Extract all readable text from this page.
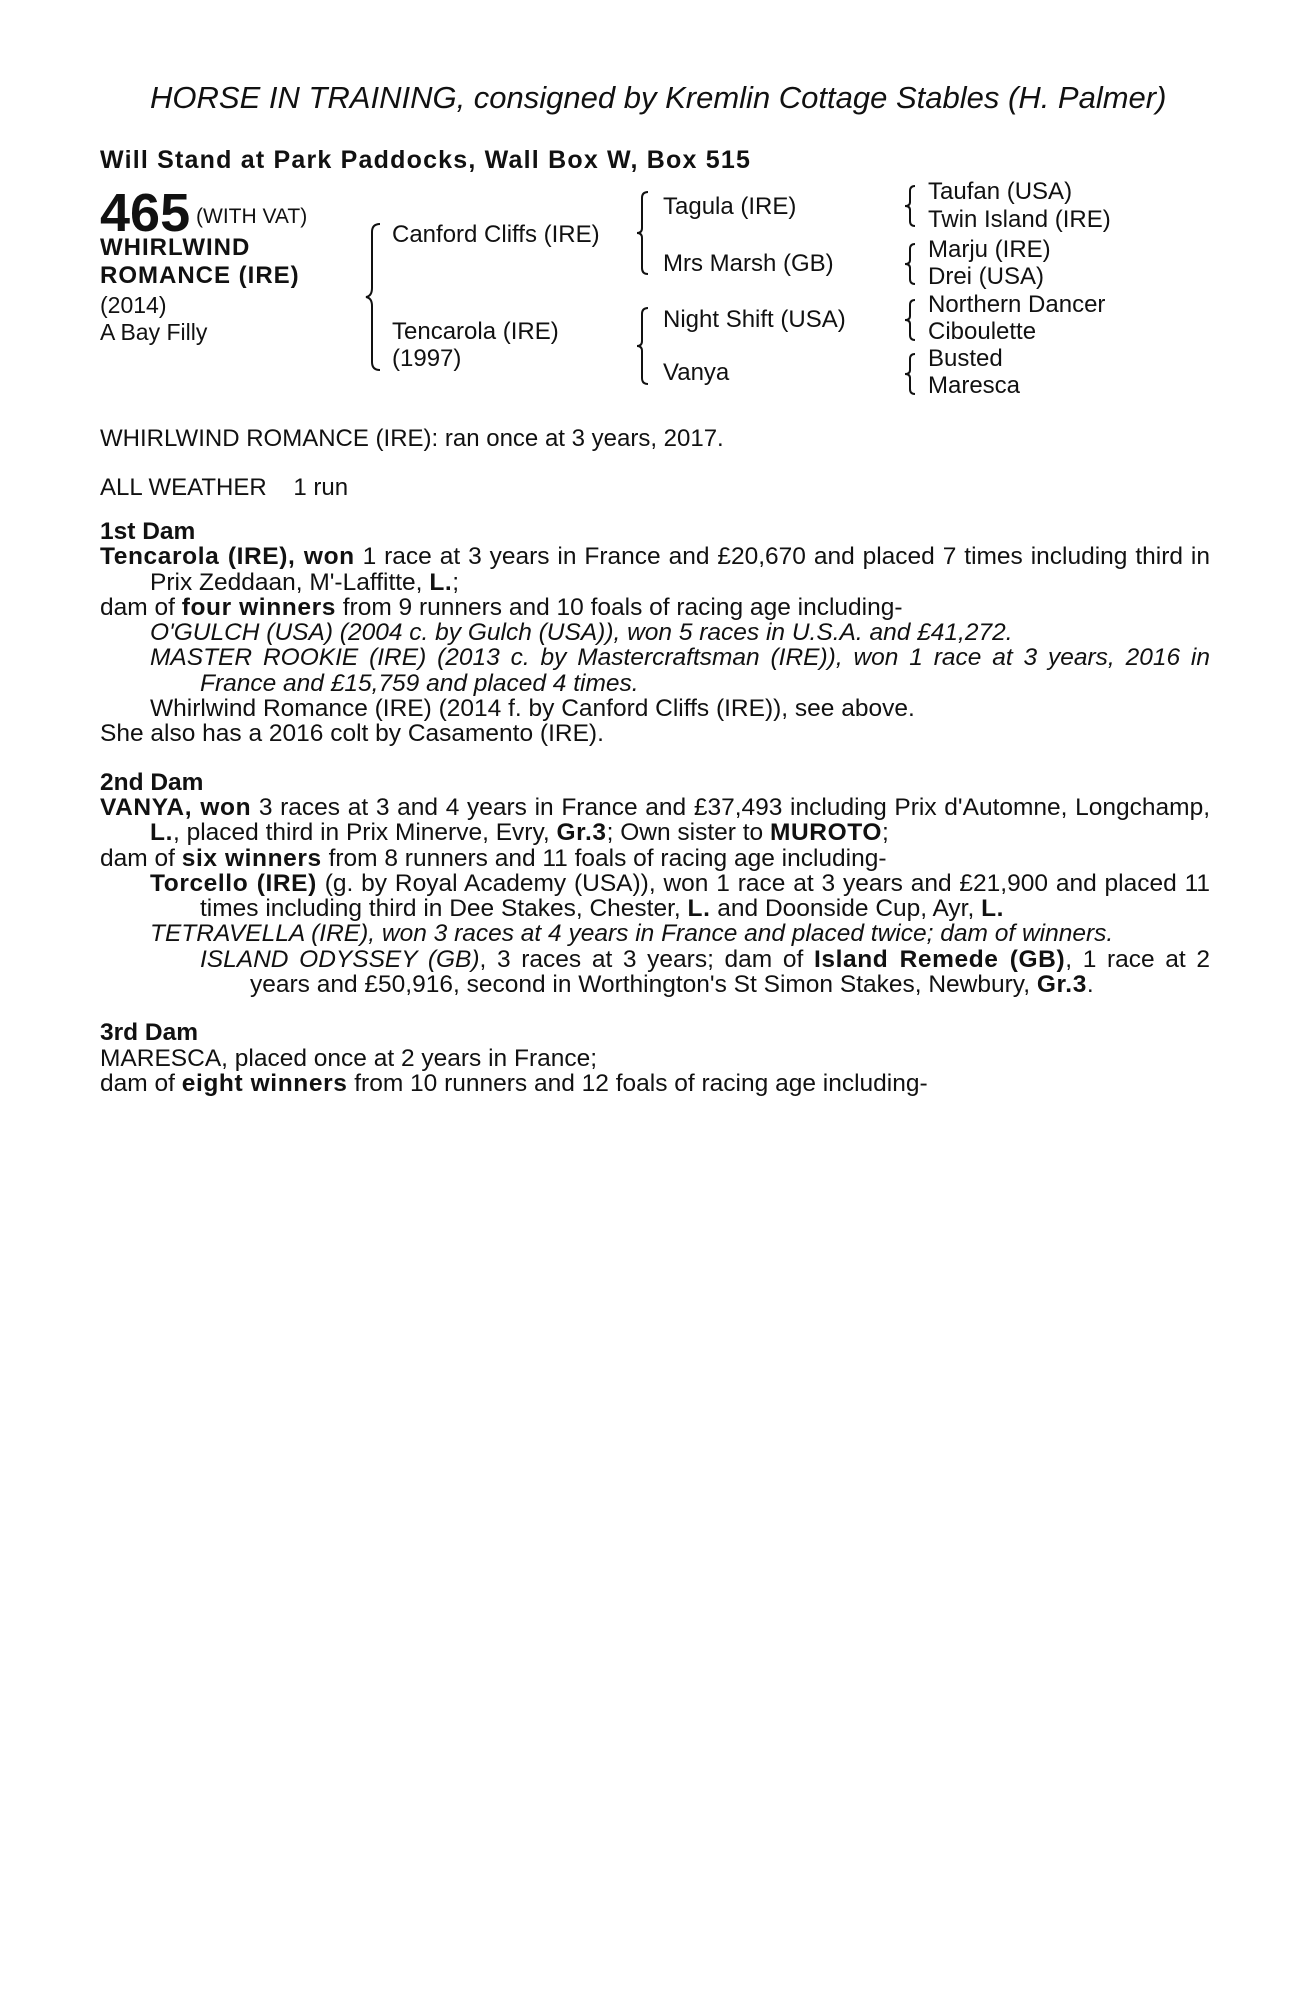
HORSE IN TRAINING, consigned by Kremlin Cottage Stables (H. Palmer)
Will Stand at Park Paddocks, Wall Box W, Box 515
465 (WITH VAT)
WHIRLWIND
ROMANCE (IRE)
(2014)
A Bay Filly
Canford Cliffs (IRE)
Tencarola (IRE)
(1997)
Tagula (IRE)
Mrs Marsh (GB)
Night Shift (USA)
Vanya
Taufan (USA)
Twin Island (IRE)
Marju (IRE)
Drei (USA)
Northern Dancer
Ciboulette
Busted
Maresca
WHIRLWIND ROMANCE (IRE): ran once at 3 years, 2017.
ALL WEATHER 1 run

1st Dam

Tencarola (IRE), won 1 race at 3 years in France and £20,670 and placed 7 times including third in Prix Zeddaan, M'-Laffitte, L.;

dam of four winners from 9 runners and 10 foals of racing age including-

O'GULCH (USA) (2004 c. by Gulch (USA)), won 5 races in U.S.A. and £41,272.

MASTER ROOKIE (IRE) (2013 c. by Mastercraftsman (IRE)), won 1 race at 3 years, 2016 in France and £15,759 and placed 4 times.

Whirlwind Romance (IRE) (2014 f. by Canford Cliffs (IRE)), see above.

She also has a 2016 colt by Casamento (IRE).

2nd Dam

VANYA, won 3 races at 3 and 4 years in France and £37,493 including Prix d'Automne, Longchamp, L., placed third in Prix Minerve, Evry, Gr.3; Own sister to MUROTO;

dam of six winners from 8 runners and 11 foals of racing age including-

Torcello (IRE) (g. by Royal Academy (USA)), won 1 race at 3 years and £21,900 and placed 11 times including third in Dee Stakes, Chester, L. and Doonside Cup, Ayr, L.

TETRAVELLA (IRE), won 3 races at 4 years in France and placed twice; dam of winners.

ISLAND ODYSSEY (GB), 3 races at 3 years; dam of Island Remede (GB), 1 race at 2 years and £50,916, second in Worthington's St Simon Stakes, Newbury, Gr.3.

3rd Dam

MARESCA, placed once at 2 years in France;

dam of eight winners from 10 runners and 12 foals of racing age including-
